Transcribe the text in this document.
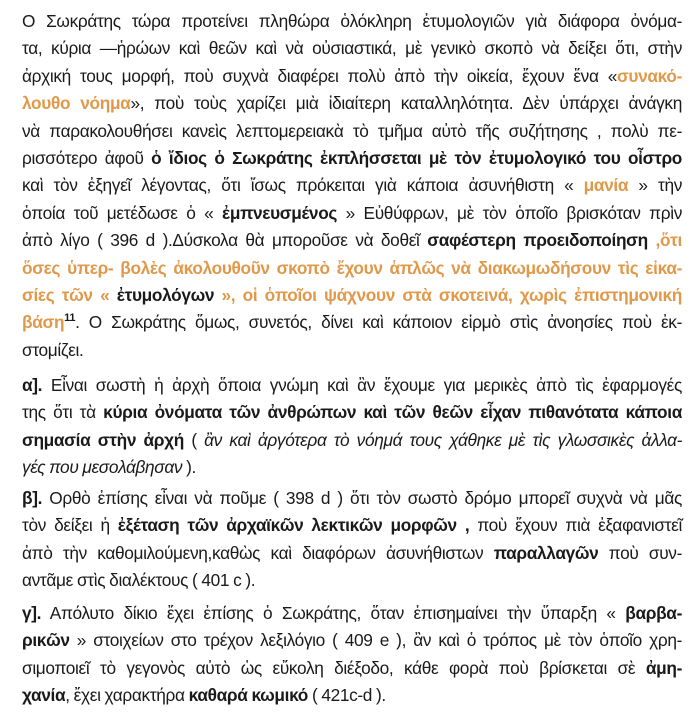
Ο Σωκράτης τώρα προτείνει πληθώρα ὁλόκληρη ἐτυμολογιῶν γιὰ διάφορα ὀνόμα-
τα, κύρια —ἡρώων καὶ θεῶν καὶ νὰ οὐσιαστικά, μὲ γενικὸ σκοπὸ νὰ δείξει ὅτι, στὴν
ἀρχική τους μορφή, ποὺ συχνὰ διαφέρει πολὺ ἀπὸ τὴν οἰκεία, ἔχουν ἕνα «συνακό-
λουθο νόημα», ποὺ τοὺς χαρίζει μιὰ ἰδιαίτερη καταλληλότητα. Δὲν ὑπάρχει ἀνάγκη
νὰ παρακολουθήσει κανεὶς λεπτομερειακὰ τὸ τμῆμα αὐτὸ τῆς συζήτησης , πολὺ πε-
ρισσότερο ἀφοῦ ὁ ἴδιος ὁ Σωκράτης ἐκπλήσσεται μὲ τὸν ἐτυμολογικό του οἶστρο
καὶ τὸν ἐξηγεῖ λέγοντας, ὅτι ἴσως πρόκειται γιὰ κάποια ἀσυνήθιστη « μανία » τὴν
ὁποία τοῦ μετέδωσε ὁ « ἐμπνευσμένος » Εὐθύφρων, μὲ τὸν ὁποῖο βρισκόταν πρὶν
ἀπὸ λίγο ( 396 d ).Δύσκολα θὰ μποροῦσε νὰ δοθεῖ σαφέστερη προειδοποίηση ,ὅτι
ὅσες ὑπερ- βολὲς ἀκολουθοῦν σκοπὸ ἔχουν ἁπλῶς νὰ διακωμωδήσουν τὶς εἰκα-
σίες τῶν « ἐτυμολόγων », οἱ ὁποῖοι ψάχνουν στὰ σκοτεινά, χωρὶς ἐπιστημονική
βάση$^{11}$. Ο Σωκράτης ὅμως, συνετός, δίνει καὶ κάποιον εἱρμὸ στὶς ἀνοησίες ποὺ ἐκ-
στομίζει.
α]. Εἶναι σωστὴ ἡ ἀρχὴ ὅποια γνώμη καὶ ἂν ἔχουμε για μερικὲς ἀπὸ τὶς ἐφαρμογές
της ὅτι τὰ κύρια ὀνόματα τῶν ἀνθρώπων καὶ τῶν θεῶν εἶχαν πιθανότατα κάποια
σημασία στὴν ἀρχή ( ἂν καὶ ἀργότερα τὸ νόημά τους χάθηκε μὲ τὶς γλωσσικὲς ἀλλα-
γές που μεσολάβησαν ).
β]. Ορθὸ ἐπίσης εἶναι νὰ ποῦμε ( 398 d ) ὅτι τὸν σωστὸ δρόμο μπορεῖ συχνὰ νὰ μᾶς
τὸν δείξει ἡ ἐξέταση τῶν ἀρχαϊκῶν λεκτικῶν μορφῶν , ποὺ ἔχουν πιὰ ἐξαφανιστεῖ
ἀπὸ τὴν καθομιλούμενη,καθὼς καὶ διαφόρων ἀσυνήθιστων παραλλαγῶν ποὺ συν-
αντᾶμε στὶς διαλέκτους ( 401 c ).
γ]. Απόλυτο δίκιο ἔχει ἐπίσης ὁ Σωκράτης, ὅταν ἐπισημαίνει τὴν ὕπαρξη « βαρβα-
ρικῶν » στοιχείων στο τρέχον λεξιλόγιο ( 409 e ), ἂν καὶ ὁ τρόπος μὲ τὸν ὁποῖο χρη-
σιμοποιεῖ τὸ γεγονὸς αὐτὸ ὡς εὔκολη διέξοδο, κάθε φορὰ ποὺ βρίσκεται σὲ ἀμη-
χανία, ἔχει χαρακτήρα καθαρά κωμικό ( 421c-d ).
